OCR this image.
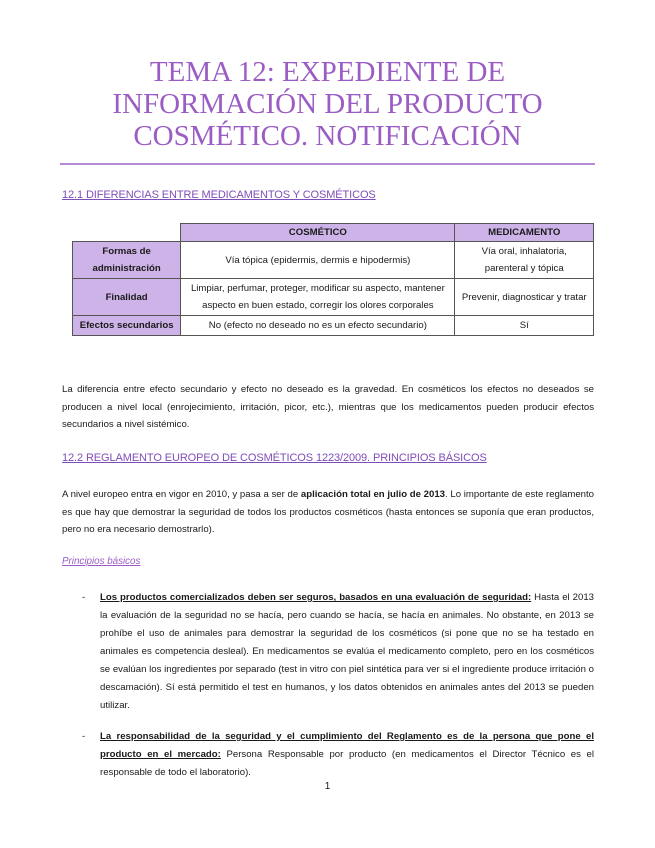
TEMA 12: EXPEDIENTE DE
INFORMACIÓN DEL PRODUCTO
COSMÉTICO. NOTIFICACIÓN
12.1 DIFERENCIAS ENTRE MEDICAMENTOS Y COSMÉTICOS
	COSMÉTICO	MEDICAMENTO
Formas de administración	Vía tópica (epidermis, dermis e hipodermis)	Vía oral, inhalatoria, parenteral y tópica
Finalidad	Limpiar, perfumar, proteger, modificar su aspecto, mantener aspecto en buen estado, corregir los olores corporales	Prevenir, diagnosticar y tratar
Efectos secundarios	No (efecto no deseado no es un efecto secundario)	Sí

La diferencia entre efecto secundario y efecto no deseado es la gravedad. En cosméticos los efectos no deseados se producen a nivel local (enrojecimiento, irritación, picor, etc.), mientras que los medicamentos pueden producir efectos secundarios a nivel sistémico.

12.2 REGLAMENTO EUROPEO DE COSMÉTICOS 1223/2009. PRINCIPIOS BÁSICOS

A nivel europeo entra en vigor en 2010, y pasa a ser de aplicación total en julio de 2013. Lo importante de este reglamento es que hay que demostrar la seguridad de todos los productos cosméticos (hasta entonces se suponía que eran productos, pero no era necesario demostrarlo).

Principios básicos

- Los productos comercializados deben ser seguros, basados en una evaluación de seguridad: Hasta el 2013 la evaluación de la seguridad no se hacía, pero cuando se hacía, se hacía en animales. No obstante, en 2013 se prohíbe el uso de animales para demostrar la seguridad de los cosméticos (si pone que no se ha testado en animales es competencia desleal). En medicamentos se evalúa el medicamento completo, pero en los cosméticos se evalúan los ingredientes por separado (test in vitro con piel sintética para ver si el ingrediente produce irritación o descamación). Sí está permitido el test en humanos, y los datos obtenidos en animales antes del 2013 se pueden utilizar.
- La responsabilidad de la seguridad y el cumplimiento del Reglamento es de la persona que pone el producto en el mercado: Persona Responsable por producto (en medicamentos el Director Técnico es el responsable de todo el laboratorio).
1
